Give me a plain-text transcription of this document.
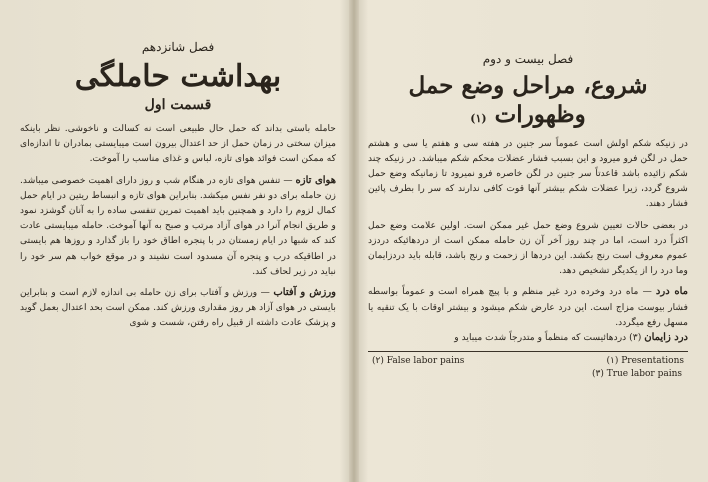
فصل شانزدهم
بهداشت حاملگی
قسمت اول

حامله باستی بداند که حمل حال طبیعی است نه کسالت و ناخوشی. نظر باینکه میزان سختی در زمان حمل از حد اعتدال بیرون است میبایستی بمادران تا اندازه‌ای که ممکن است فوائد هوای تازه، لباس و غذای مناسب را آموخت.

هوای تازه — تنفس هوای تازه در هنگام شب و روز دارای اهمیت خصوصی میباشد. زن حامله برای دو نفر نفس میکشد. بنابراین هوای تازه و انبساط ریتین در ایام حمل کمال لزوم را دارد و همچنین باید اهمیت تمرین تنفسی ساده را به آنان گوشزد نمود و طریق انجام آنرا در هوای آزاد مرتب و صبح به آنها آموخت. حامله میبایستی عادت کند که شبها در ایام زمستان در با پنجره اطاق خود را باز گذارد و روزها هم بایستی در اطاقیکه درب و پنجره آن مسدود است نشیند و در موقع خواب هم سر خود را نباید در زیر لحاف کند.

ورزش و آفتاب — ورزش و آفتاب برای زن حامله بی اندازه لازم است و بنابراین بایستی در هوای آزاد هر روز مقداری ورزش کند. ممکن است بحد اعتدال بعمل گوید و پزشک عادت داشته از قبیل راه رفتن، شست و شوی

فصل بیست و دوم
شروع، مراحل وضع حمل
وظهورات (۱)

در زنیکه شکم اولش است عموماً سر جنین در هفته سی و هفتم یا سی و هشتم حمل در لگن فرو میرود و این بسبب فشار عضلات محکم شکم میباشد. در زنیکه چند شکم زائیده باشد قاعدتاً سر جنین در لگن خاصره فرو نمیرود تا زمانیکه وضع حمل شروع گردد، زیرا عضلات شکم بیشتر آنها قوت کافی ندارند که سر را بطرف پائین فشار دهند.

در بعضی حالات تعیین شروع وضع حمل غیر ممکن است. اولین علامت وضع حمل اکثراً درد است، اما در چند روز آخر آن زن حامله ممکن است از دردهائیکه دردزد عموم معروف است رنج بکشد. این دردها از زحمت و رنج باشد، قابله باید دردزایمان وما درد را از یکدیگر تشخیص دهد.

ماه درد — ماه درد وخرده درد غیر منظم و با پیچ همراه است و عموماً بواسطه فشار بیوست مزاج است. این درد عارض شکم میشود و بیشتر اوقات با یک تنقیه یا مسهل رفع میگردد.

درد زایمان (۳) دردهائیست که منظماً و متدرجاً شدت میباید و

(۲) False labor pains	(۱) Presentations
(۳) True labor pains
